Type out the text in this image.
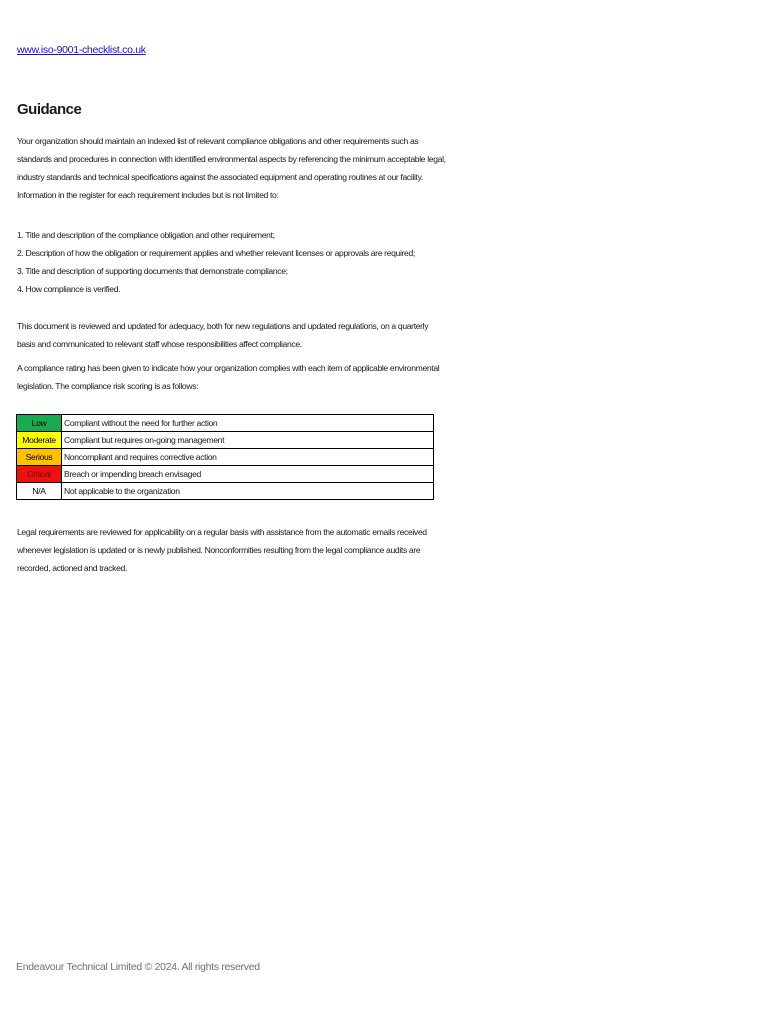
www.iso-9001-checklist.co.uk
Guidance
Your organization should maintain an indexed list of relevant compliance obligations and other requirements such as standards and procedures in connection with identified environmental aspects by referencing the minimum acceptable legal, industry standards and technical specifications against the associated equipment and operating routines at our facility. Information in the register for each requirement includes but is not limited to:
1. Title and description of the compliance obligation and other requirement;
2. Description of how the obligation or requirement applies and whether relevant licenses or approvals are required;
3. Title and description of supporting documents that demonstrate compliance;
4. How compliance is verified.
This document is reviewed and updated for adequacy, both for new regulations and updated regulations, on a quarterly basis and communicated to relevant staff whose responsibilities affect compliance.
A compliance rating has been given to indicate how your organization complies with each item of applicable environmental legislation. The compliance risk scoring is as follows:
Legal requirements are reviewed for applicability on a regular basis with assistance from the automatic emails received whenever legislation is updated or is newly published. Nonconformities resulting from the legal compliance audits are recorded, actioned and tracked.
Low	Compliant without the need for further action
Moderate	Compliant but requires on-going management
Serious	Noncompliant and requires corrective action
Critical	Breach or impending breach envisaged
N/A	Not applicable to the organization
Endeavour Technical Limited © 2024. All rights reserved
